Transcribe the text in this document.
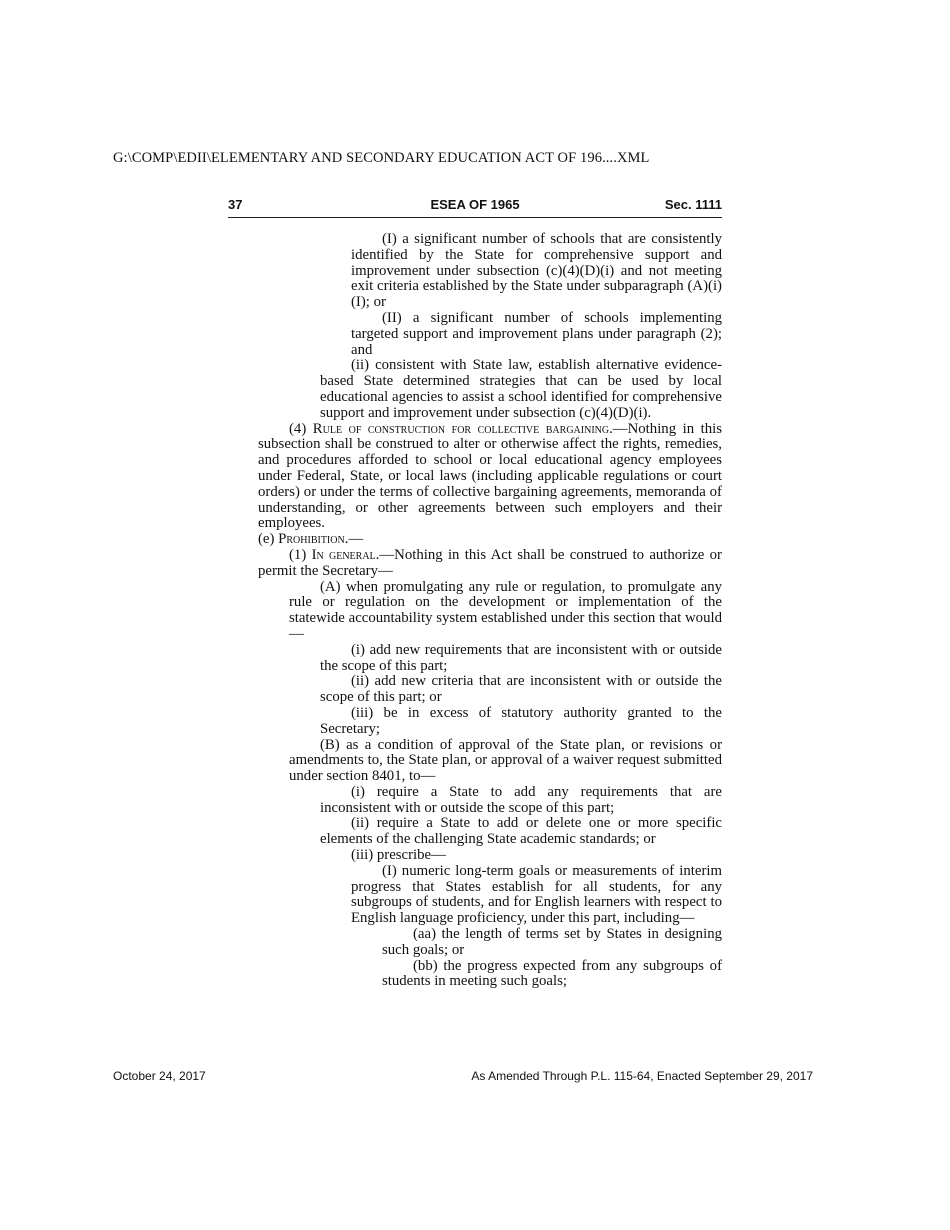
G:\COMP\EDII\ELEMENTARY AND SECONDARY EDUCATION ACT OF 196....XML
37	ESEA OF 1965	Sec. 1111

(I) a significant number of schools that are consistently identified by the State for comprehensive support and improvement under subsection (c)(4)(D)(i) and not meeting exit criteria established by the State under subparagraph (A)(i)(I); or

(II) a significant number of schools implementing targeted support and improvement plans under paragraph (2); and

(ii) consistent with State law, establish alternative evidence-based State determined strategies that can be used by local educational agencies to assist a school identified for comprehensive support and improvement under subsection (c)(4)(D)(i).

(4) Rule of construction for collective bargaining.—Nothing in this subsection shall be construed to alter or otherwise affect the rights, remedies, and procedures afforded to school or local educational agency employees under Federal, State, or local laws (including applicable regulations or court orders) or under the terms of collective bargaining agreements, memoranda of understanding, or other agreements between such employers and their employees.

(e) Prohibition.—

(1) In general.—Nothing in this Act shall be construed to authorize or permit the Secretary—

(A) when promulgating any rule or regulation, to promulgate any rule or regulation on the development or implementation of the statewide accountability system established under this section that would—

(i) add new requirements that are inconsistent with or outside the scope of this part;

(ii) add new criteria that are inconsistent with or outside the scope of this part; or

(iii) be in excess of statutory authority granted to the Secretary;

(B) as a condition of approval of the State plan, or revisions or amendments to, the State plan, or approval of a waiver request submitted under section 8401, to—

(i) require a State to add any requirements that are inconsistent with or outside the scope of this part;

(ii) require a State to add or delete one or more specific elements of the challenging State academic standards; or

(iii) prescribe—

(I) numeric long-term goals or measurements of interim progress that States establish for all students, for any subgroups of students, and for English learners with respect to English language proficiency, under this part, including—

(aa) the length of terms set by States in designing such goals; or

(bb) the progress expected from any subgroups of students in meeting such goals;

October 24, 2017	As Amended Through P.L. 115-64, Enacted September 29, 2017
